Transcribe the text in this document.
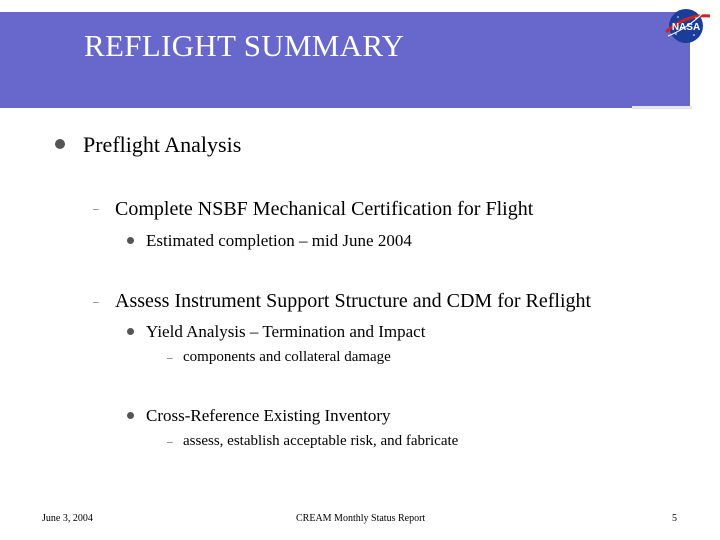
REFLIGHT SUMMARY
NASA
Preflight Analysis
– Complete NSBF Mechanical Certification for Flight
Estimated completion – mid June 2004
– Assess Instrument Support Structure and CDM for Reflight
Yield Analysis – Termination and Impact
– components and collateral damage
Cross-Reference Existing Inventory
– assess, establish acceptable risk, and fabricate
June 3, 2004	CREAM Monthly Status Report	5
